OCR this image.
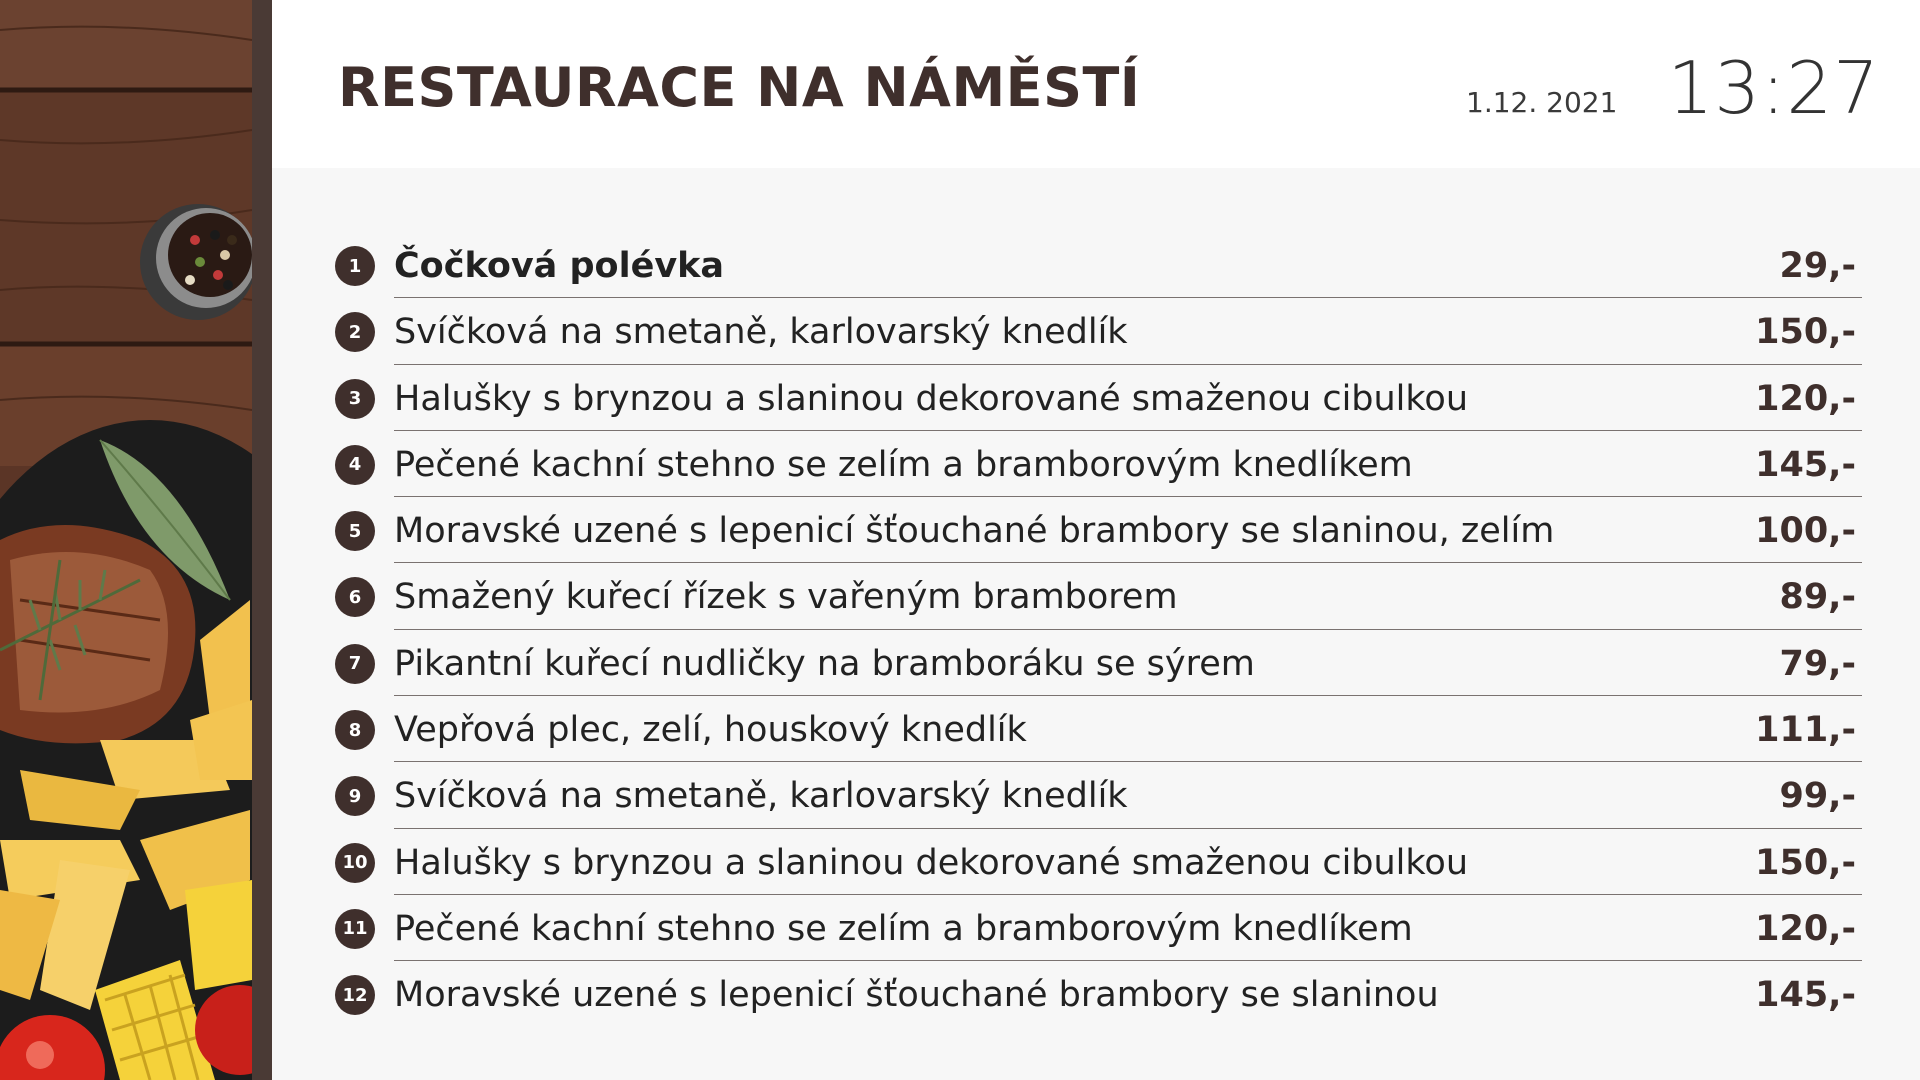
RESTAURACE NA NÁMĚSTÍ	1.12. 2021 13:27
1 Čočková polévka	29,-
2 Svíčková na smetaně, karlovarský knedlík	150,-
3 Halušky s brynzou a slaninou dekorované smaženou cibulkou	120,-
4 Pečené kachní stehno se zelím a bramborovým knedlíkem	145,-
5 Moravské uzené s lepenicí šťouchané brambory se slaninou, zelím	100,-
6 Smažený kuřecí řízek s vařeným bramborem	89,-
7 Pikantní kuřecí nudličky na bramboráku se sýrem	79,-
8 Vepřová plec, zelí, houskový knedlík	111,-
9 Svíčková na smetaně, karlovarský knedlík	99,-
10 Halušky s brynzou a slaninou dekorované smaženou cibulkou	150,-
11 Pečené kachní stehno se zelím a bramborovým knedlíkem	120,-
12 Moravské uzené s lepenicí šťouchané brambory se slaninou	145,-
